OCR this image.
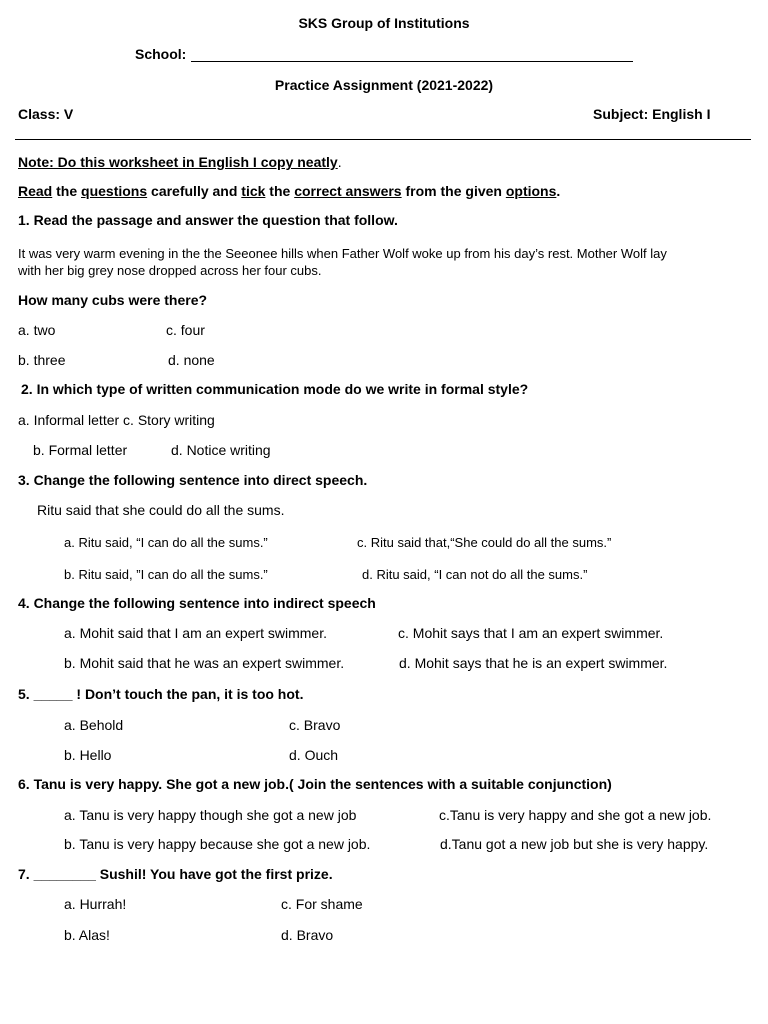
SKS Group of Institutions
School:
Practice Assignment (2021-2022)
Class: V	Subject: English I
Note: Do this worksheet in English I copy neatly.
Read the questions carefully and tick the correct answers from the given options.
1. Read the passage and answer the question that follow.
It was very warm evening in the the Seeonee hills when Father Wolf woke up from his day’s rest. Mother Wolf lay
with her big grey nose dropped across her four cubs.
How many cubs were there?
a. two	c. four
b. three	d. none
2. In which type of written communication mode do we write in formal style?
a. Informal letter c. Story writing
b. Formal letter	d. Notice writing
3. Change the following sentence into direct speech.
Ritu said that she could do all the sums.
a. Ritu said, “I can do all the sums.”	c. Ritu said that,“She could do all the sums.”
b. Ritu said, ”I can do all the sums.”	d. Ritu said, “I can not do all the sums.”
4. Change the following sentence into indirect speech
a. Mohit said that I am an expert swimmer.	c. Mohit says that I am an expert swimmer.
b. Mohit said that he was an expert swimmer.	d. Mohit says that he is an expert swimmer.
5. _____ ! Don’t touch the pan, it is too hot.
a. Behold	c. Bravo
b. Hello	d. Ouch
6. Tanu is very happy. She got a new job.( Join the sentences with a suitable conjunction)
a. Tanu is very happy though she got a new job	c.Tanu is very happy and she got a new job.
b. Tanu is very happy because she got a new job.	d.Tanu got a new job but she is very happy.
7. ________ Sushil! You have got the first prize.
a. Hurrah!	c. For shame
b. Alas!	d. Bravo
